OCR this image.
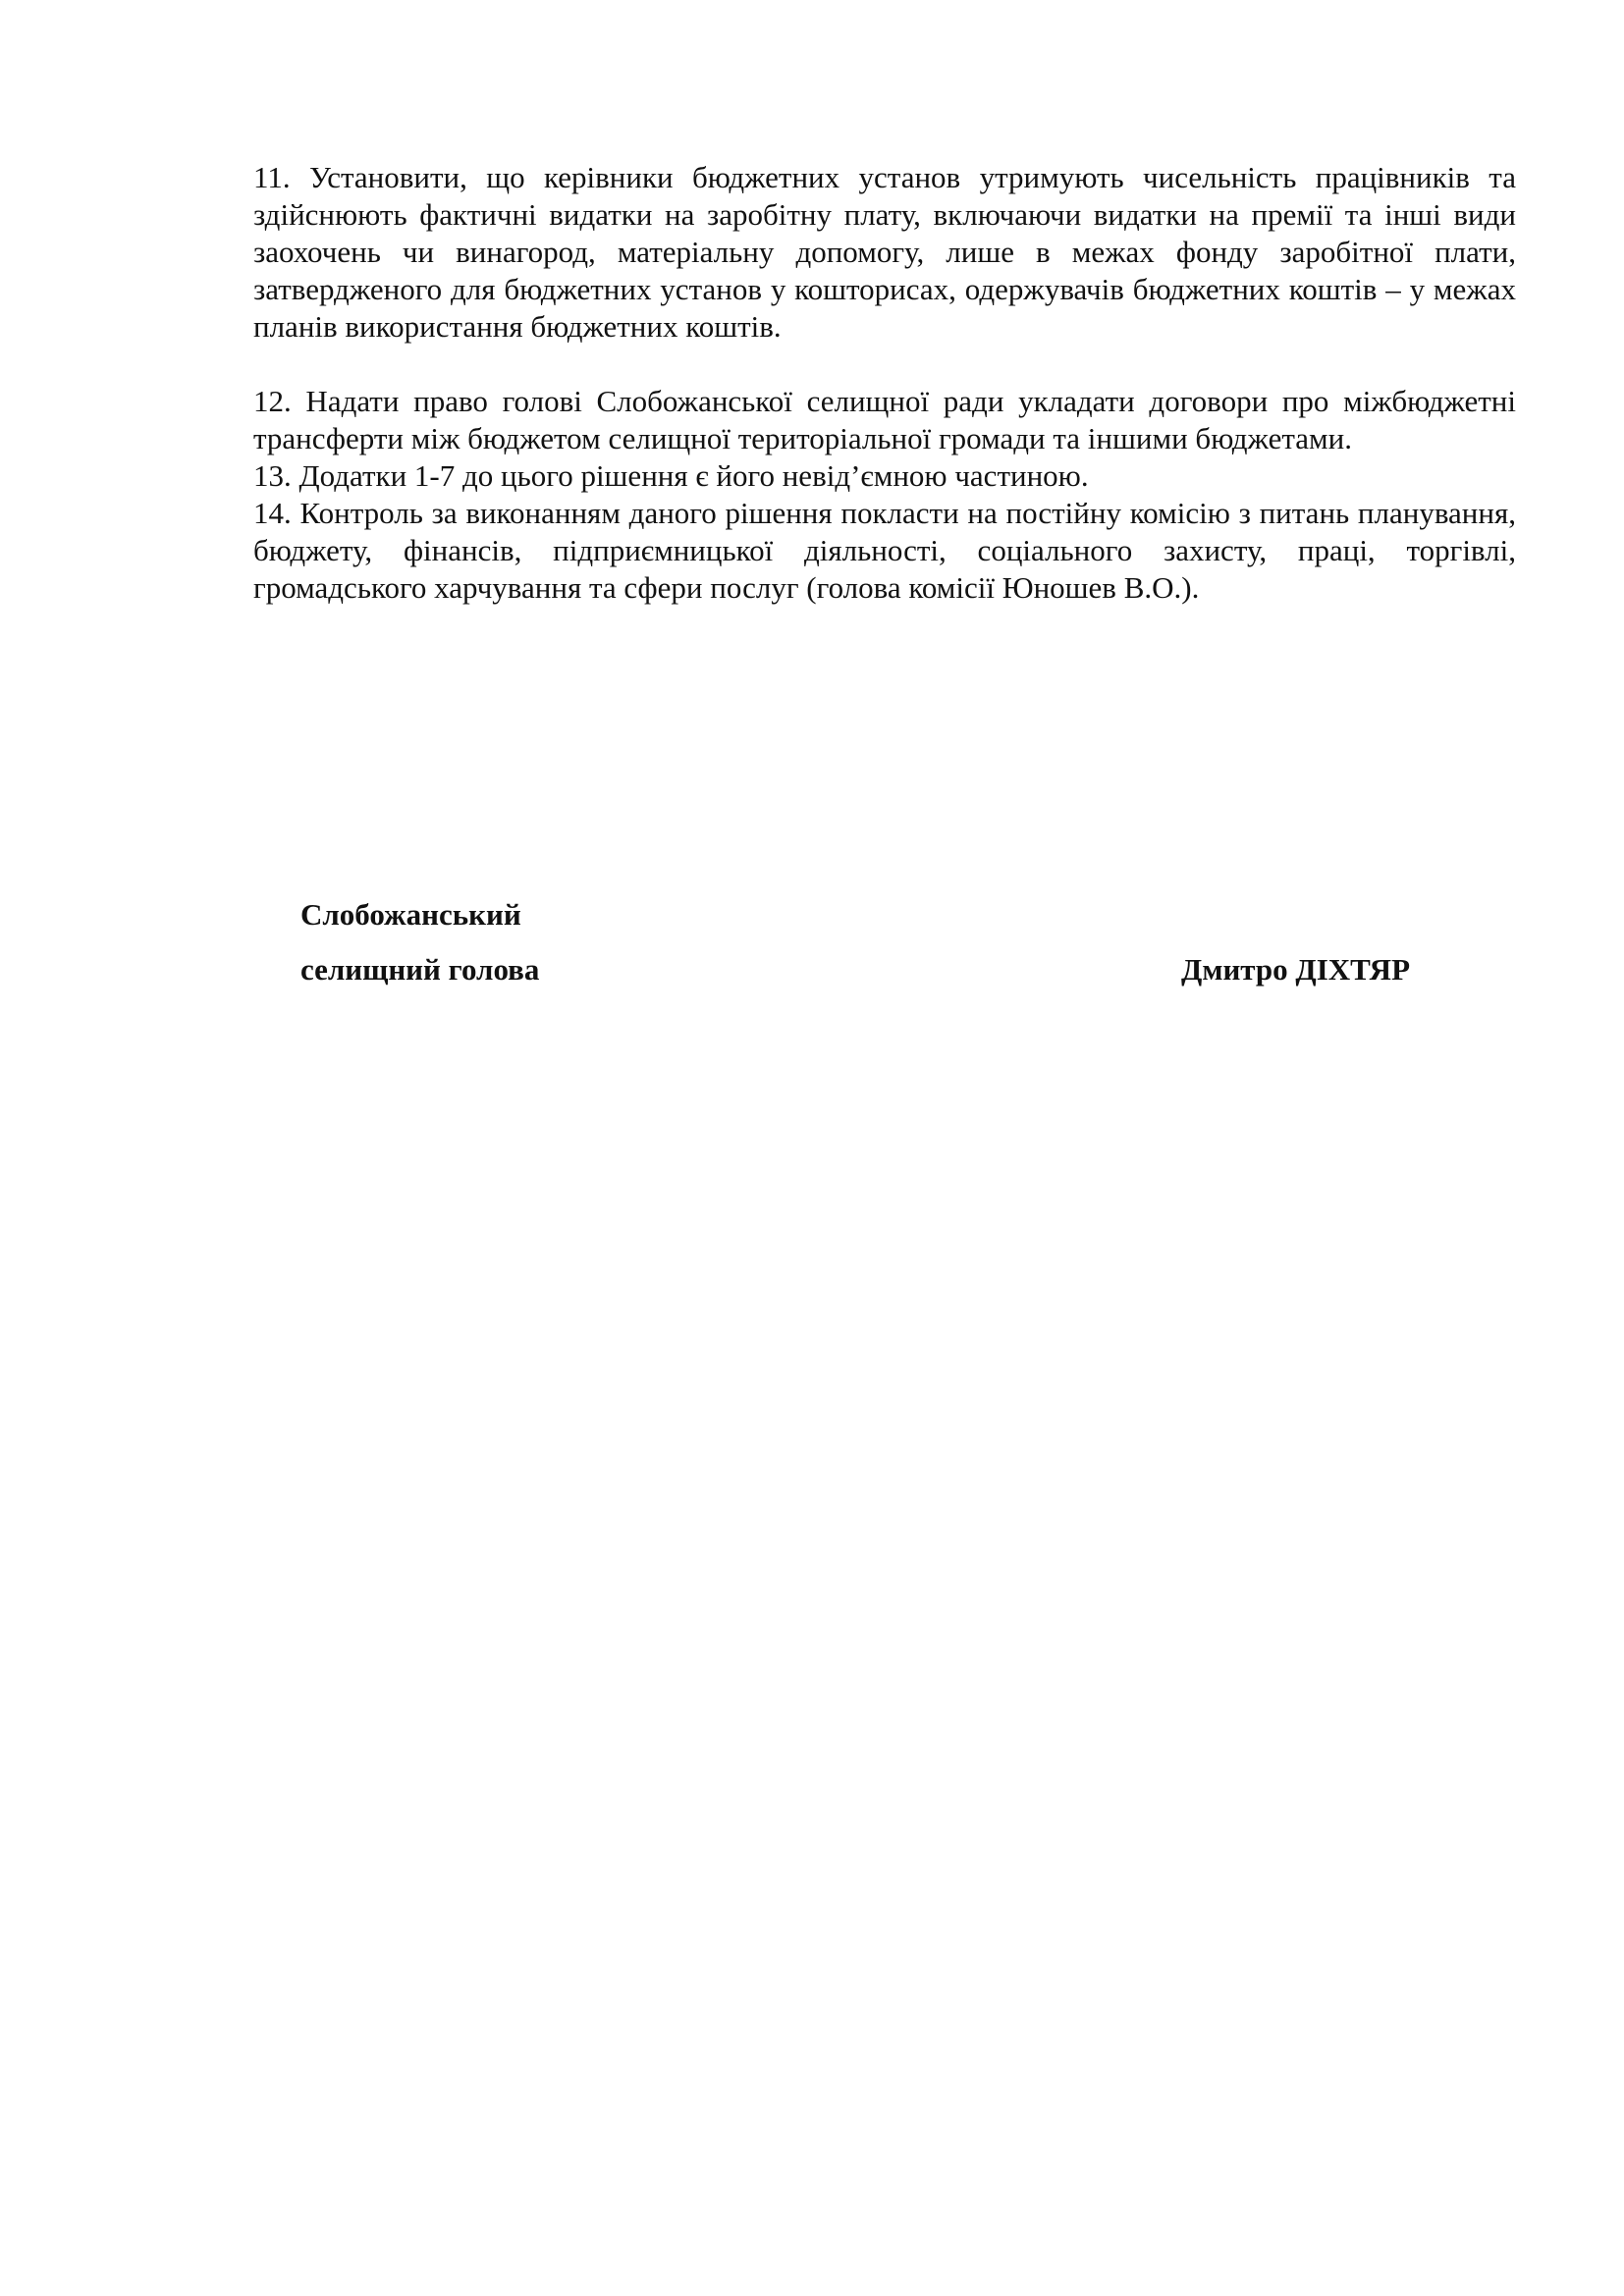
11. Установити, що керівники бюджетних установ утримують чисельність працівників та здійснюють фактичні видатки на заробітну плату, включаючи видатки на премії та інші види заохочень чи винагород, матеріальну допомогу, лише в межах фонду заробітної плати, затвердженого для бюджетних установ у кошторисах, одержувачів бюджетних коштів – у межах планів використання бюджетних коштів.

12. Надати право голові Слобожанської селищної ради укладати договори про міжбюджетні трансферти між бюджетом селищної територіальної громади та іншими бюджетами.

13. Додатки 1-7 до цього рішення є його невід’ємною частиною.

14. Контроль за виконанням даного рішення покласти на постійну комісію з питань планування, бюджету, фінансів, підприємницької діяльності, соціального захисту, праці, торгівлі, громадського харчування та сфери послуг (голова комісії Юношев В.О.).

Слобожанський
селищний голова	Дмитро ДІХТЯР
